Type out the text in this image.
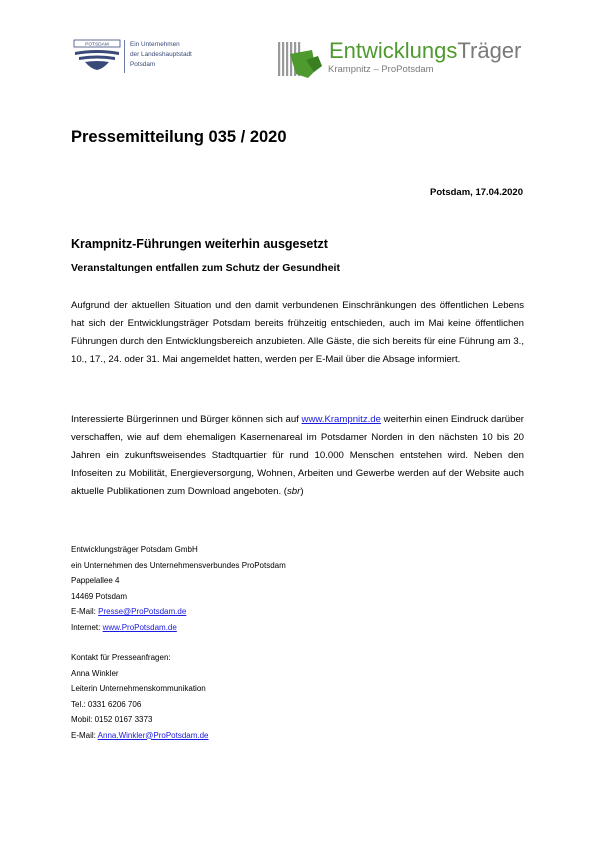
POTSDAM	Ein Unternehmen
der Landeshauptstadt
Potsdam
EntwicklungsTräger
Krampnitz – ProPotsdam
Pressemitteilung 035 / 2020
Potsdam, 17.04.2020
Krampnitz-Führungen weiterhin ausgesetzt
Veranstaltungen entfallen zum Schutz der Gesundheit
Aufgrund der aktuellen Situation und den damit verbundenen Einschränkungen des öffentlichen Lebens hat sich der Entwicklungsträger Potsdam bereits frühzeitig entschieden, auch im Mai keine öffentlichen Führungen durch den Entwicklungsbereich anzubieten. Alle Gäste, die sich bereits für eine Führung am 3., 10., 17., 24. oder 31. Mai angemeldet hatten, werden per E-Mail über die Absage informiert.
Interessierte Bürgerinnen und Bürger können sich auf www.Krampnitz.de weiterhin einen Eindruck darüber verschaffen, wie auf dem ehemaligen Kasernenareal im Potsdamer Norden in den nächsten 10 bis 20 Jahren ein zukunftsweisendes Stadtquartier für rund 10.000 Menschen entstehen wird. Neben den Infoseiten zu Mobilität, Energieversorgung, Wohnen, Arbeiten und Gewerbe werden auf der Website auch aktuelle Publikationen zum Download angeboten. (sbr)
Entwicklungsträger Potsdam GmbH
ein Unternehmen des Unternehmensverbundes ProPotsdam
Pappelallee 4
14469 Potsdam
E-Mail: Presse@ProPotsdam.de
Internet: www.ProPotsdam.de
Kontakt für Presseanfragen:
Anna Winkler
Leiterin Unternehmenskommunikation
Tel.: 0331 6206 706
Mobil: 0152 0167 3373
E-Mail: Anna.Winkler@ProPotsdam.de
